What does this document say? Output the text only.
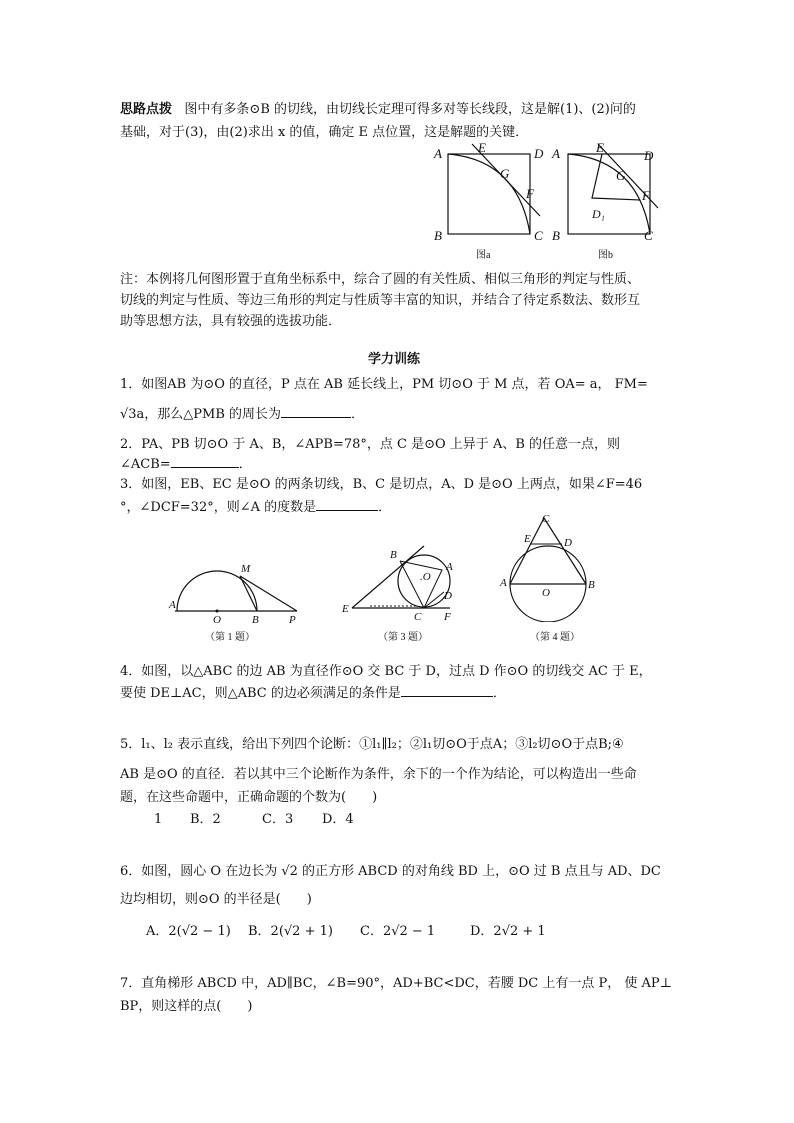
思路点拨 图中有多条⊙B 的切线，由切线长定理可得多对等长线段，这是解(1)、(2)问的
基础，对于(3)，由(2)求出 x 的值，确定 E 点位置，这是解题的关键．
A	E	D
G
F
B	C
图a
A	E
D
G
F
D₁
B	C
图b
注：本例将几何图形置于直角坐标系中，综合了圆的有关性质、相似三角形的判定与性质、
切线的判定与性质、等边三角形的判定与性质等丰富的知识，并结合了待定系数法、数形互
助等思想方法，具有较强的选拔功能．
学力训练
1．如图AB 为⊙O 的直径，P 点在 AB 延长线上，PM 切⊙O 于 M 点，若 OA= a， FM=
√3a，那么△PMB 的周长为	．
2．PA、PB 切⊙O 于 A、B，∠APB=78°，点 C 是⊙O 上异于 A、B 的任意一点，则
∠ACB=	．
3．如图，EB、EC 是⊙O 的两条切线，B、C 是切点，A、D 是⊙O 上两点，如果∠F=46
°，∠DCF=32°，则∠A 的度数是	．
M
A
O	B	P
（第 1 题）
B
.O
A
D
E
C F
（第 3 题）
C
E	D
A
O
B
（第 4 题）
4．如图，以△ABC 的边 AB 为直径作⊙O 交 BC 于 D，过点 D 作⊙O 的切线交 AC 于 E，
要使 DE⊥AC，则△ABC 的边必须满足的条件是	．
5．l₁、l₂ 表示直线，给出下列四个论断：①l₁∥l₂；②l₁切⊙O于点A；③l₂切⊙O于点B;④
AB 是⊙O 的直径．若以其中三个论断作为条件，余下的一个作为结论，可以构造出一些命
题，在这些命题中，正确命题的个数为(　　)
1 B．2	C．3 D．4
6．如图，圆心 O 在边长为 √2 的正方形 ABCD 的对角线 BD 上，⊙O 过 B 点且与 AD、DC
边均相切，则⊙O 的半径是(　　)
A．2(√2 − 1) B．2(√2 + 1) C．2√2 − 1	D．2√2 + 1
7．直角梯形 ABCD 中，AD∥BC，∠B=90°，AD+BC<DC，若腰 DC 上有一点 P， 使 AP⊥
BP，则这样的点(　　)
